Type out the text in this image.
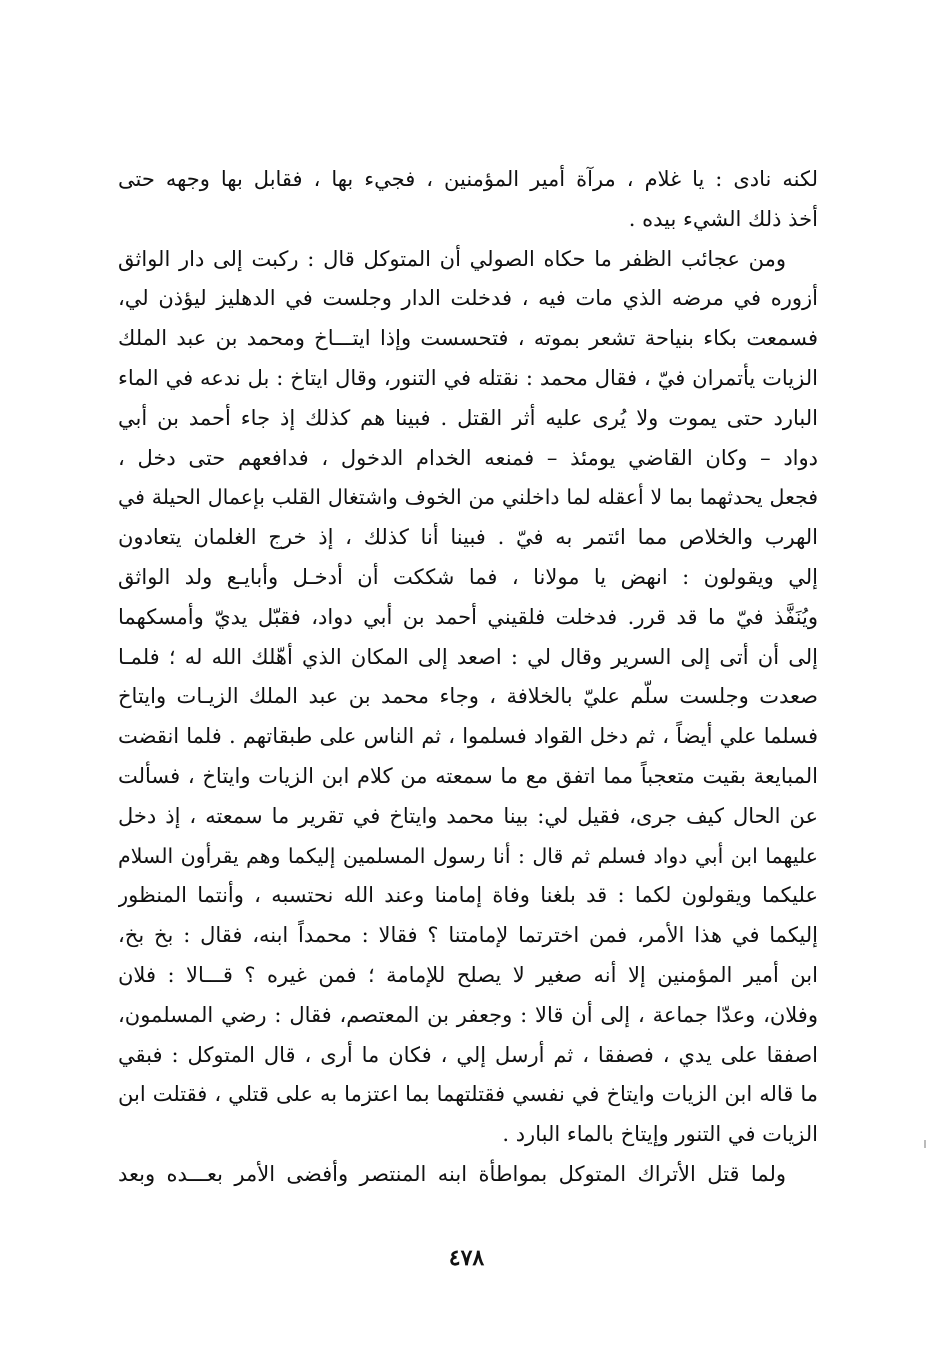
لكنه نادى : يا غلام ، مرآة أمير المؤمنين ، فجيء بها ، فقابل بها وجهه حتى
أخذ ذلك الشيء بيده .
ومن عجائب الظفر ما حكاه الصولي أن المتوكل قال : ركبت إلى دار الواثق
أزوره في مرضه الذي مات فيه ، فدخلت الدار وجلست في الدهليز ليؤذن لي،
فسمعت بكاء بنياحة تشعر بموته ، فتحسست وإذا ايتـــاخ ومحمد بن عبد الملك
الزيات يأتمران فيّ ، فقال محمد : نقتله في التنور، وقال ايتاخ : بل ندعه في الماء
البارد حتى يموت ولا يُرى عليه أثر القتل . فبينا هم كذلك إذ جاء أحمد بن أبي
دواد – وكان القاضي يومئذ – فمنعه الخدام الدخول ، فدافعهم حتى دخل ،
فجعل يحدثهما بما لا أعقله لما داخلني من الخوف واشتغال القلب بإعمال الحيلة في
الهرب والخلاص مما ائتمر به فيّ . فبينا أنا كذلك ، إذ خرج الغلمان يتعادون
إلي ويقولون : انهض يا مولانا ، فما شككت أن أدخـل وأبايـع ولد الواثق
ويُنَفَّذ فيّ ما قد قرر. فدخلت فلقيني أحمد بن أبي دواد، فقبّل يديّ وأمسكهما
إلى أن أتى إلى السرير وقال لي : اصعد إلى المكان الذي أهّلك الله له ؛ فلمـا
صعدت وجلست سلّم عليّ بالخلافة ، وجاء محمد بن عبد الملك الزيـات وايتاخ
فسلما علي أيضاً ، ثم دخل القواد فسلموا ، ثم الناس على طبقاتهم . فلما انقضت
المبايعة بقيت متعجباً مما اتفق مع ما سمعته من كلام ابن الزيات وايتاخ ، فسألت
عن الحال كيف جرى، فقيل لي: بينا محمد وايتاخ في تقرير ما سمعته ، إذ دخل
عليهما ابن أبي دواد فسلم ثم قال : أنا رسول المسلمين إليكما وهم يقرأون السلام
عليكما ويقولون لكما : قد بلغنا وفاة إمامنا وعند الله نحتسبه ، وأنتما المنظور
إليكما في هذا الأمر، فمن اخترتما لإمامتنا ؟ فقالا : محمداً ابنه، فقال : بخ بخ،
ابن أمير المؤمنين إلا أنه صغير لا يصلح للإمامة ؛ فمن غيره ؟ قـــالا : فلان
وفلان، وعدّا جماعة ، إلى أن قالا : وجعفر بن المعتصم، فقال : رضي المسلمون،
اصفقا على يدي ، فصفقا ، ثم أرسل إلي ، فكان ما أرى ، قال المتوكل : فبقي
ما قاله ابن الزيات وايتاخ في نفسي فقتلتهما بما اعتزما به على قتلي ، فقتلت ابن
الزيات في التنور وإيتاخ بالماء البارد .
ولما قتل الأتراك المتوكل بمواطأة ابنه المنتصر وأفضى الأمر بعـــده وبعد
٤٧٨
